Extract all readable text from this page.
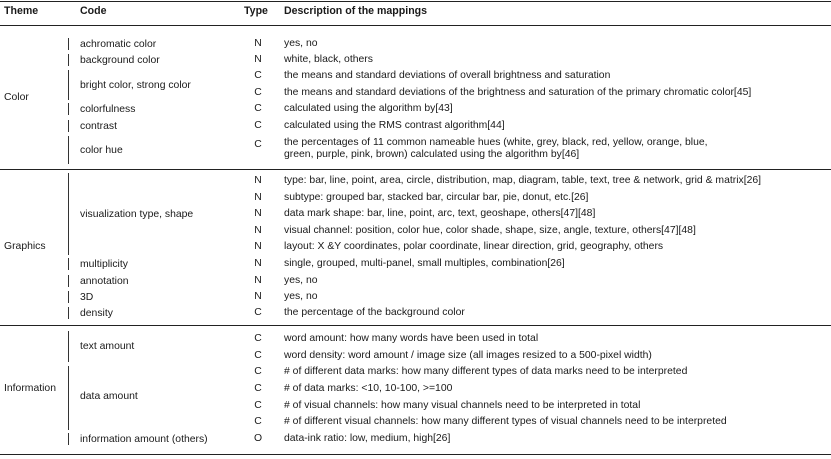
Theme	Code	Type Description of the mappings
Color
Graphics
Information
achromatic color
background color
bright color, strong color
colorfulness
contrast
color hue
visualization type, shape
multiplicity
annotation
3D
density
text amount
data amount
information amount (others)
N
N
C
C
C
C
C
N
N
N
N
N
N
N
N
C
C
C
C
C
C
C
O
yes, no
white, black, others
the means and standard deviations of overall brightness and saturation
the means and standard deviations of the brightness and saturation of the primary chromatic color[45]
calculated using the algorithm by[43]
calculated using the RMS contrast algorithm[44]
the percentages of 11 common nameable hues (white, grey, black, red, yellow, orange, blue,
green, purple, pink, brown) calculated using the algorithm by[46]
type: bar, line, point, area, circle, distribution, map, diagram, table, text, tree & network, grid & matrix[26]
subtype: grouped bar, stacked bar, circular bar, pie, donut, etc.[26]
data mark shape: bar, line, point, arc, text, geoshape, others[47][48]
visual channel: position, color hue, color shade, shape, size, angle, texture, others[47][48]
layout: X &Y coordinates, polar coordinate, linear direction, grid, geography, others
single, grouped, multi-panel, small multiples, combination[26]
yes, no
yes, no
the percentage of the background color
word amount: how many words have been used in total
word density: word amount / image size (all images resized to a 500-pixel width)
# of different data marks: how many different types of data marks need to be interpreted
# of data marks: <10, 10-100, >=100
# of visual channels: how many visual channels need to be interpreted in total
# of different visual channels: how many different types of visual channels need to be interpreted
data-ink ratio: low, medium, high[26]
